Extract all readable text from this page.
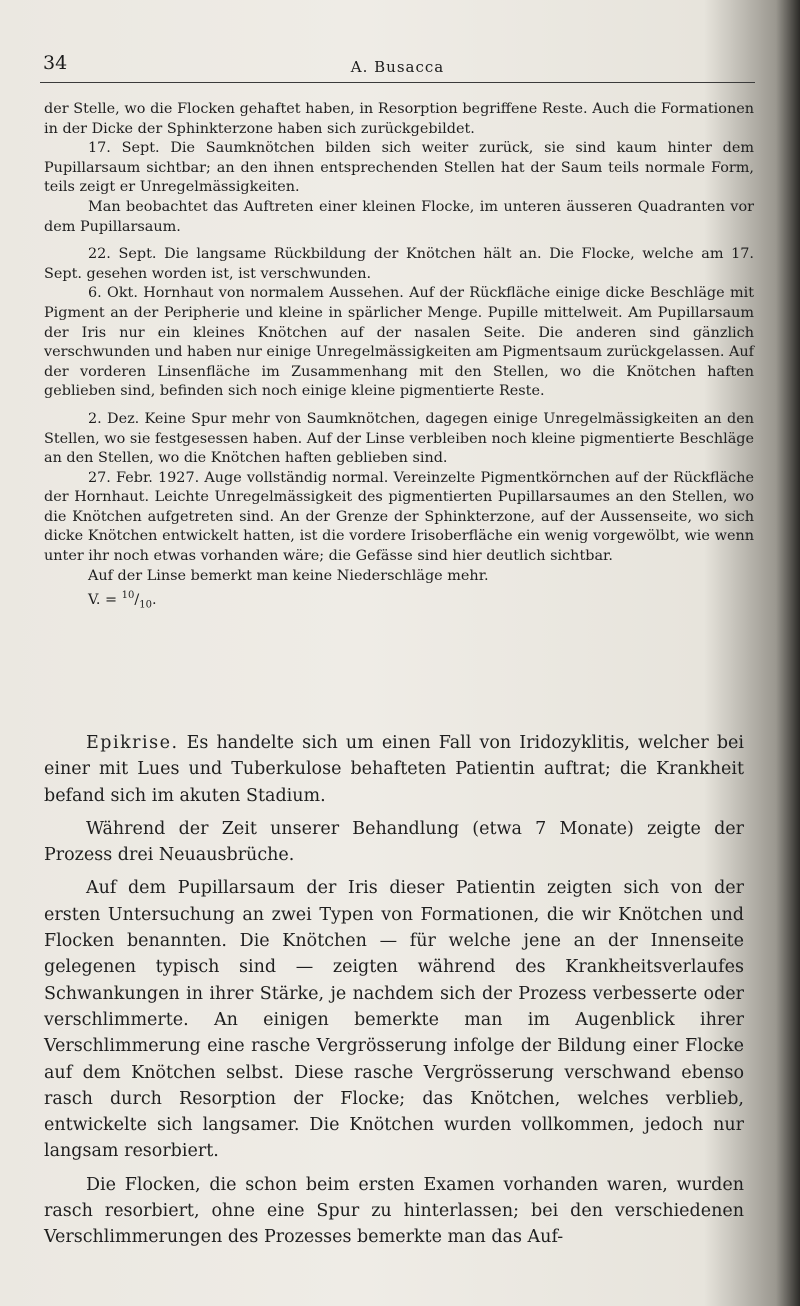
34	A. Busacca

der Stelle, wo die Flocken gehaftet haben, in Resorption begriffene Reste. Auch die Formationen in der Dicke der Sphinkterzone haben sich zurückgebildet.

17. Sept. Die Saumknötchen bilden sich weiter zurück, sie sind kaum hinter dem Pupillarsaum sichtbar; an den ihnen entsprechenden Stellen hat der Saum teils normale Form, teils zeigt er Unregelmässigkeiten.

Man beobachtet das Auftreten einer kleinen Flocke, im unteren äusseren Quadranten vor dem Pupillarsaum.

22. Sept. Die langsame Rückbildung der Knötchen hält an. Die Flocke, welche am 17. Sept. gesehen worden ist, ist verschwunden.

6. Okt. Hornhaut von normalem Aussehen. Auf der Rückfläche einige dicke Beschläge mit Pigment an der Peripherie und kleine in spärlicher Menge. Pupille mittelweit. Am Pupillarsaum der Iris nur ein kleines Knötchen auf der nasalen Seite. Die anderen sind gänzlich verschwunden und haben nur einige Unregelmässigkeiten am Pigmentsaum zurückgelassen. Auf der vorderen Linsenfläche im Zusammenhang mit den Stellen, wo die Knötchen haften geblieben sind, befinden sich noch einige kleine pigmentierte Reste.

2. Dez. Keine Spur mehr von Saumknötchen, dagegen einige Unregelmässigkeiten an den Stellen, wo sie festgesessen haben. Auf der Linse verbleiben noch kleine pigmentierte Beschläge an den Stellen, wo die Knötchen haften geblieben sind.

27. Febr. 1927. Auge vollständig normal. Vereinzelte Pigmentkörnchen auf der Rückfläche der Hornhaut. Leichte Unregelmässigkeit des pigmentierten Pupillarsaumes an den Stellen, wo die Knötchen aufgetreten sind. An der Grenze der Sphinkterzone, auf der Aussenseite, wo sich dicke Knötchen entwickelt hatten, ist die vordere Irisoberfläche ein wenig vorgewölbt, wie wenn unter ihr noch etwas vorhanden wäre; die Gefässe sind hier deutlich sichtbar.

Auf der Linse bemerkt man keine Niederschläge mehr.

V. = $^{10}/_{10}$.

Epikrise. Es handelte sich um einen Fall von Iridozyklitis, welcher bei einer mit Lues und Tuberkulose behafteten Patientin auftrat; die Krankheit befand sich im akuten Stadium.

Während der Zeit unserer Behandlung (etwa 7 Monate) zeigte der Prozess drei Neuausbrüche.

Auf dem Pupillarsaum der Iris dieser Patientin zeigten sich von der ersten Untersuchung an zwei Typen von Formationen, die wir Knötchen und Flocken benannten. Die Knötchen — für welche jene an der Innenseite gelegenen typisch sind — zeigten während des Krankheitsverlaufes Schwankungen in ihrer Stärke, je nachdem sich der Prozess verbesserte oder verschlimmerte. An einigen bemerkte man im Augenblick ihrer Verschlimmerung eine rasche Vergrösserung infolge der Bildung einer Flocke auf dem Knötchen selbst. Diese rasche Vergrösserung verschwand ebenso rasch durch Resorption der Flocke; das Knötchen, welches verblieb, entwickelte sich langsamer. Die Knötchen wurden vollkommen, jedoch nur langsam resorbiert.

Die Flocken, die schon beim ersten Examen vorhanden waren, wurden rasch resorbiert, ohne eine Spur zu hinterlassen; bei den verschiedenen Verschlimmerungen des Prozesses bemerkte man das Auf-
